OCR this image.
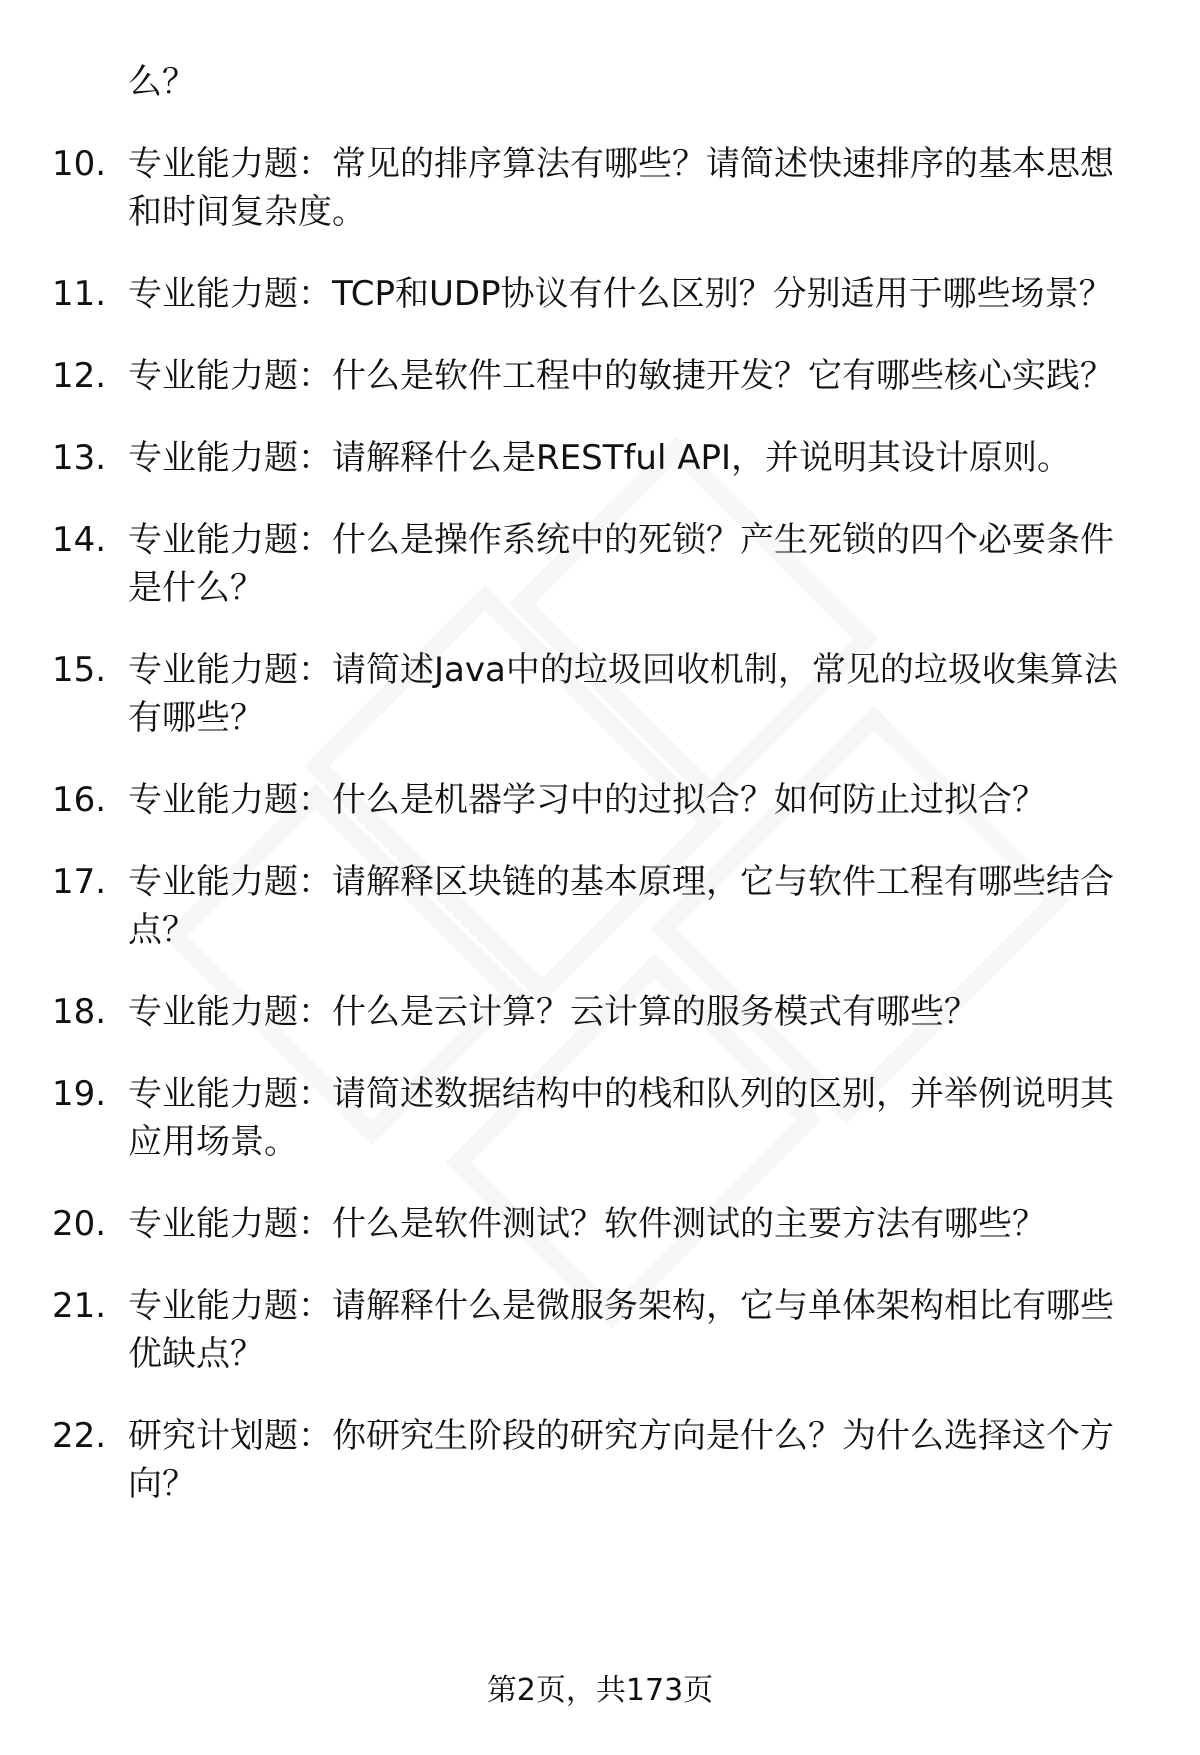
么？

10. 专业能力题：常见的排序算法有哪些？请简述快速排序的基本思想和时间复杂度。
11. 专业能力题：TCP和UDP协议有什么区别？分别适用于哪些场景？
12. 专业能力题：什么是软件工程中的敏捷开发？它有哪些核心实践？
13. 专业能力题：请解释什么是RESTful API，并说明其设计原则。
14. 专业能力题：什么是操作系统中的死锁？产生死锁的四个必要条件是什么？
15. 专业能力题：请简述Java中的垃圾回收机制，常见的垃圾收集算法有哪些？
16. 专业能力题：什么是机器学习中的过拟合？如何防止过拟合？
17. 专业能力题：请解释区块链的基本原理，它与软件工程有哪些结合点？
18. 专业能力题：什么是云计算？云计算的服务模式有哪些？
19. 专业能力题：请简述数据结构中的栈和队列的区别，并举例说明其应用场景。
20. 专业能力题：什么是软件测试？软件测试的主要方法有哪些？
21. 专业能力题：请解释什么是微服务架构，它与单体架构相比有哪些优缺点？
22. 研究计划题：你研究生阶段的研究方向是什么？为什么选择这个方向？

第2页，共173页
